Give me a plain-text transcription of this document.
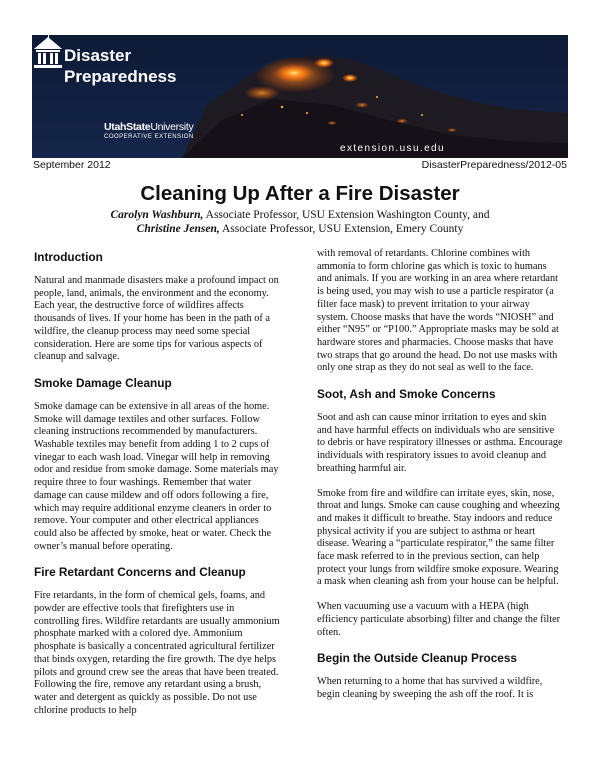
Disaster
Preparedness
UtahStateUniversity
COOPERATIVE EXTENSION
extension.usu.edu
September 2012	DisasterPreparedness/2012-05
Cleaning Up After a Fire Disaster
Carolyn Washburn, Associate Professor, USU Extension Washington County, and
Christine Jensen, Associate Professor, USU Extension, Emery County
Introduction

Natural and manmade disasters make a profound impact on people, land, animals, the environment and the economy. Each year, the destructive force of wildfires affects thousands of lives. If your home has been in the path of a wildfire, the cleanup process may need some special consideration. Here are some tips for various aspects of cleanup and salvage.

Smoke Damage Cleanup

Smoke damage can be extensive in all areas of the home. Smoke will damage textiles and other surfaces. Follow cleaning instructions recommended by manufacturers. Washable textiles may benefit from adding 1 to 2 cups of vinegar to each wash load. Vinegar will help in removing odor and residue from smoke damage. Some materials may require three to four washings. Remember that water damage can cause mildew and off odors following a fire, which may require additional enzyme cleaners in order to remove. Your computer and other electrical appliances could also be affected by smoke, heat or water. Check the owner’s manual before operating.

Fire Retardant Concerns and Cleanup

Fire retardants, in the form of chemical gels, foams, and powder are effective tools that firefighters use in controlling fires. Wildfire retardants are usually ammonium phosphate marked with a colored dye. Ammonium phosphate is basically a concentrated agricultural fertilizer that binds oxygen, retarding the fire growth. The dye helps pilots and ground crew see the areas that have been treated. Following the fire, remove any retardant using a brush, water and detergent as quickly as possible. Do not use chlorine products to help

with removal of retardants. Chlorine combines with ammonia to form chlorine gas which is toxic to humans and animals. If you are working in an area where retardant is being used, you may wish to use a particle respirator (a filter face mask) to prevent irritation to your airway system. Choose masks that have the words “NIOSH” and either “N95” or “P100.” Appropriate masks may be sold at hardware stores and pharmacies. Choose masks that have two straps that go around the head. Do not use masks with only one strap as they do not seal as well to the face.

Soot, Ash and Smoke Concerns

Soot and ash can cause minor irritation to eyes and skin and have harmful effects on individuals who are sensitive to debris or have respiratory illnesses or asthma. Encourage individuals with respiratory issues to avoid cleanup and breathing harmful air.

Smoke from fire and wildfire can irritate eyes, skin, nose, throat and lungs. Smoke can cause coughing and wheezing and makes it difficult to breathe. Stay indoors and reduce physical activity if you are subject to asthma or heart disease. Wearing a “particulate respirator,” the same filter face mask referred to in the previous section, can help protect your lungs from wildfire smoke exposure. Wearing a mask when cleaning ash from your house can be helpful.

When vacuuming use a vacuum with a HEPA (high efficiency particulate absorbing) filter and change the filter often.

Begin the Outside Cleanup Process

When returning to a home that has survived a wildfire, begin cleaning by sweeping the ash off the roof. It is
